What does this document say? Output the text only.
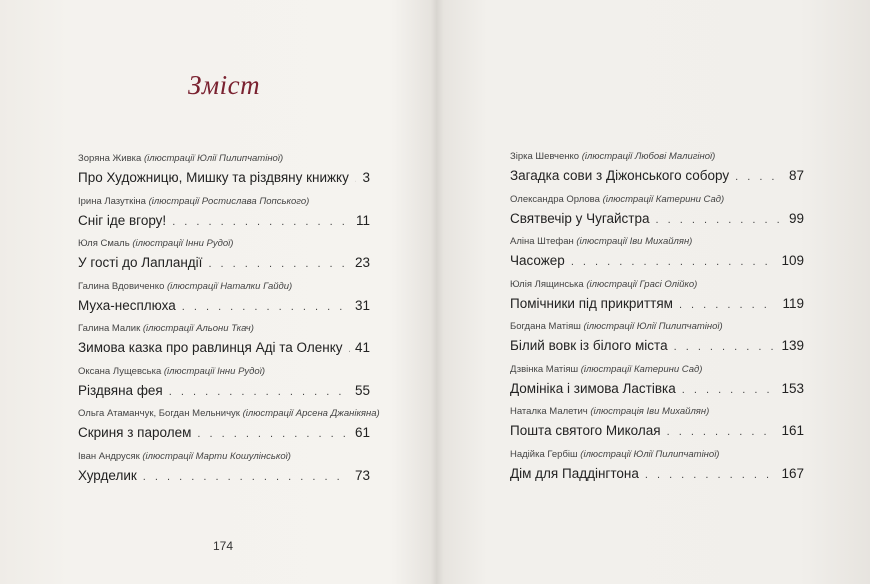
Зміст
Зоряна Живка (ілюстрації Юлії Пилипчатіної)
Про Художницю, Мишку та різдвяну книжку . . . 3
Ірина Лазуткіна (ілюстрації Ростислава Попського)
Сніг іде вгору! . . .	11
Юля Смаль (ілюстрації Інни Рудої)
У гості до Лапландії . . .	23
Галина Вдовиченко (ілюстрації Наталки Гайди)
Муха-несплюха . . .	31
Галина Малик (ілюстрації Альони Ткач)
Зимова казка про равлинця Аді та Оленку . . . 41
Оксана Лущевська (ілюстрації Інни Рудої)
Різдвяна фея . . .	55
Ольга Атаманчук, Богдан Мельничук (ілюстрації Арсена Джанікяна)
Скриня з паролем . . .	61
Іван Андрусяк (ілюстрації Марти Кошулінської)
Хурделик . . .	73
174
Зірка Шевченко (ілюстрації Любові Малигіної)
Загадка сови з Діжонського собору . . .	87
Олександра Орлова (ілюстрації Катерини Сад)
Святвечір у Чугайстра . . .	99
Аліна Штефан (ілюстрації Іви Михайлян)
Часожер . . .	109
Юлія Лящинська (ілюстрації Грасі Олійко)
Помічники під прикриттям . . .	119
Богдана Матіяш (ілюстрації Юлії Пилипчатіної)
Білий вовк із білого міста . . .	139
Дзвінка Матіяш (ілюстрації Катерини Сад)
Домініка і зимова Ластівка . . .	153
Наталка Малетич (ілюстрація Іви Михайлян)
Пошта святого Миколая . . .	161
Надійка Гербіш (ілюстрації Юлії Пилипчатіної)
Дім для Паддінгтона . . .	167
